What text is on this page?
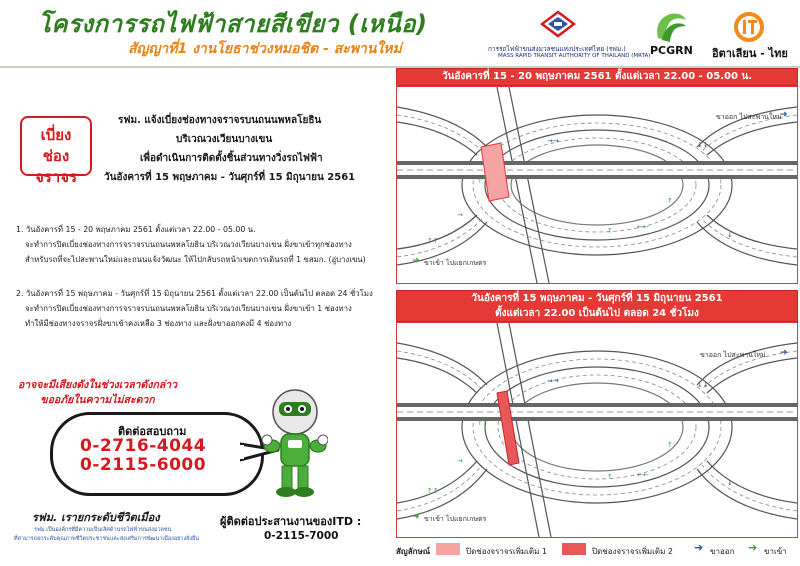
โครงการรถไฟฟ้าสายสีเขียว (เหนือ)
สัญญาที่1 งานโยธาช่วงหมอชิต - สะพานใหม่	การรถไฟฟ้าขนส่งมวลชนแห่งประเทศไทย (รฟม.)
MASS RAPID TRANSIT AUTHORITY OF THAILAND (MRTA) PCGRN อิตาเลียน - ไทย
เบี่ยง
ช่องจราจร
รฟม. แจ้งเบี่ยงช่องทางจราจรบนถนนพหลโยธิน
บริเวณวงเวียนบางเขน
เพื่อดำเนินการติดตั้งชิ้นส่วนทางวิ่งรถไฟฟ้า
วันอังคารที่ 15 พฤษภาคม - วันศุกร์ที่ 15 มิถุนายน 2561
1. วันอังคารที่ 15 - 20 พฤษภาคม 2561 ตั้งแต่เวลา 22.00 - 05.00 น.
จะทำการปิดเบี่ยงช่องทางการจราจรบนถนนพหลโยธิน บริเวณวงเวียนบางเขน ฝั่งขาเข้าทุกช่องทาง
สำหรับรถที่จะไปสะพานใหม่และถนนแจ้งวัฒนะ ให้ไปกลับรถหน้าเขตการเดินรถที่ 1 ขสมก. (อู่บางเขน)
2. วันอังคารที่ 15 พฤษภาคม - วันศุกร์ที่ 15 มิถุนายน 2561 ตั้งแต่เวลา 22.00 เป็นต้นไป ตลอด 24 ชั่วโมง
จะทำการปิดเบี่ยงช่องทางการจราจรบนถนนพหลโยธิน บริเวณวงเวียนบางเขน ฝั่งขาเข้า 1 ช่องทาง
ทำให้มีช่องทางจราจรฝั่งขาเข้าคงเหลือ 3 ช่องทาง และฝั่งขาออกคงมี 4 ช่องทาง
อาจจะมีเสียงดังในช่วงเวลาดังกล่าว
ขออภัยในความไม่สะดวก
ติดต่อสอบถาม
0-2716-4044
0-2115-6000
รฟม. เรายกระดับชีวิตเมือง
รฟม.เป็นองค์กรที่มีความเป็นเลิศด้านรถไฟฟ้าขนส่งมวลชน
ที่สามารถยกระดับคุณภาพชีวิตประชาชนและส่งเสริมการพัฒนาเมืองอย่างยั่งยืน
ผู้ติดต่อประสานงานของITD :
0-2115-7000
วันอังคารที่ 15 - 20 พฤษภาคม 2561 ตั้งแต่เวลา 22.00 - 05.00 น.
↑↑
→
←←
↑
↑
↑↑
→→	↓↓
↓
ขาออก ไปสะพานใหม่
➜
ขาเข้า ไปแยกเกษตร
➜
วันอังคารที่ 15 พฤษภาคม - วันศุกร์ที่ 15 มิถุนายน 2561
ตั้งแต่เวลา 22.00 เป็นต้นไป ตลอด 24 ชั่วโมง
↑↑
→
←←
↑
↑
↑↑
→→	↓↓
↓
ขาออก ไปสะพานใหม่ ➜
ขาเข้า ไปแยกเกษตร
➜
สัญลักษณ์	ปิดช่องจราจรเพิ่มเติม 1	ปิดช่องจราจรเพิ่มเติม 2 ➜ ขาออก ➜ ขาเข้า
